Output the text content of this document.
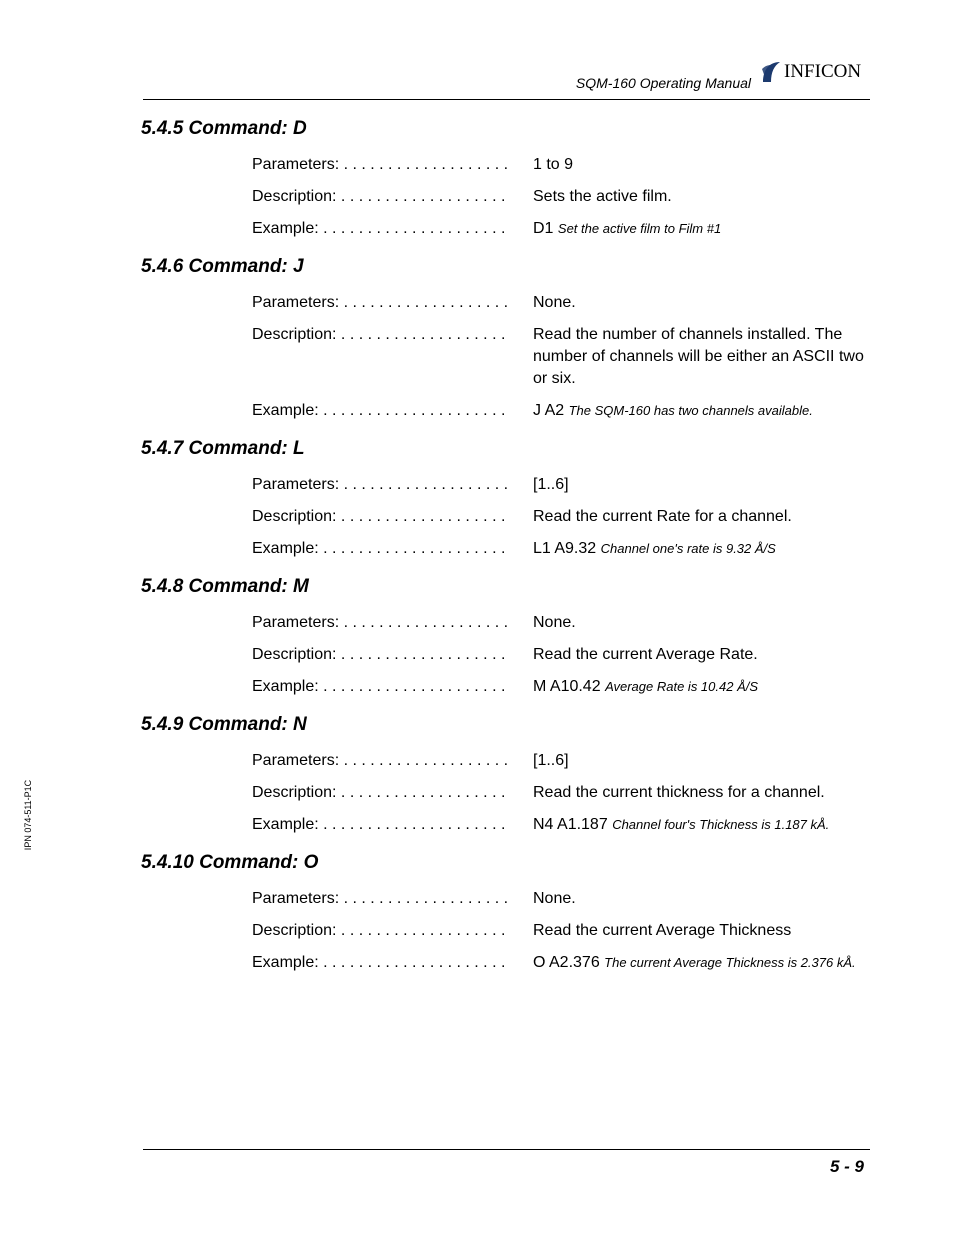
SQM-160 Operating Manual
INFICON
IPN 074-511-P1C
5.4.5 Command: D
Parameters: . . . . . . . . . . . . . . . . . . .	1 to 9
Description: . . . . . . . . . . . . . . . . . . .	Sets the active film.
Example: . . . . . . . . . . . . . . . . . . . . .	D1 Set the active film to Film #1
5.4.6 Command: J
Parameters: . . . . . . . . . . . . . . . . . . .	None.
Description: . . . . . . . . . . . . . . . . . . .	Read the number of channels installed. The number of channels will be either an ASCII two or six.
Example: . . . . . . . . . . . . . . . . . . . . .	J A2 The SQM-160 has two channels available.
5.4.7 Command: L
Parameters: . . . . . . . . . . . . . . . . . . .	[1..6]
Description: . . . . . . . . . . . . . . . . . . .	Read the current Rate for a channel.
Example: . . . . . . . . . . . . . . . . . . . . .	L1 A9.32 Channel one's rate is 9.32 Å/S
5.4.8 Command: M
Parameters: . . . . . . . . . . . . . . . . . . .	None.
Description: . . . . . . . . . . . . . . . . . . .	Read the current Average Rate.
Example: . . . . . . . . . . . . . . . . . . . . .	M A10.42 Average Rate is 10.42 Å/S
5.4.9 Command: N
Parameters: . . . . . . . . . . . . . . . . . . .	[1..6]
Description: . . . . . . . . . . . . . . . . . . .	Read the current thickness for a channel.
Example: . . . . . . . . . . . . . . . . . . . . .	N4 A1.187 Channel four's Thickness is 1.187 kÅ.
5.4.10 Command: O
Parameters: . . . . . . . . . . . . . . . . . . .	None.
Description: . . . . . . . . . . . . . . . . . . .	Read the current Average Thickness
Example: . . . . . . . . . . . . . . . . . . . . .	O A2.376 The current Average Thickness is 2.376 kÅ.
5 - 9
